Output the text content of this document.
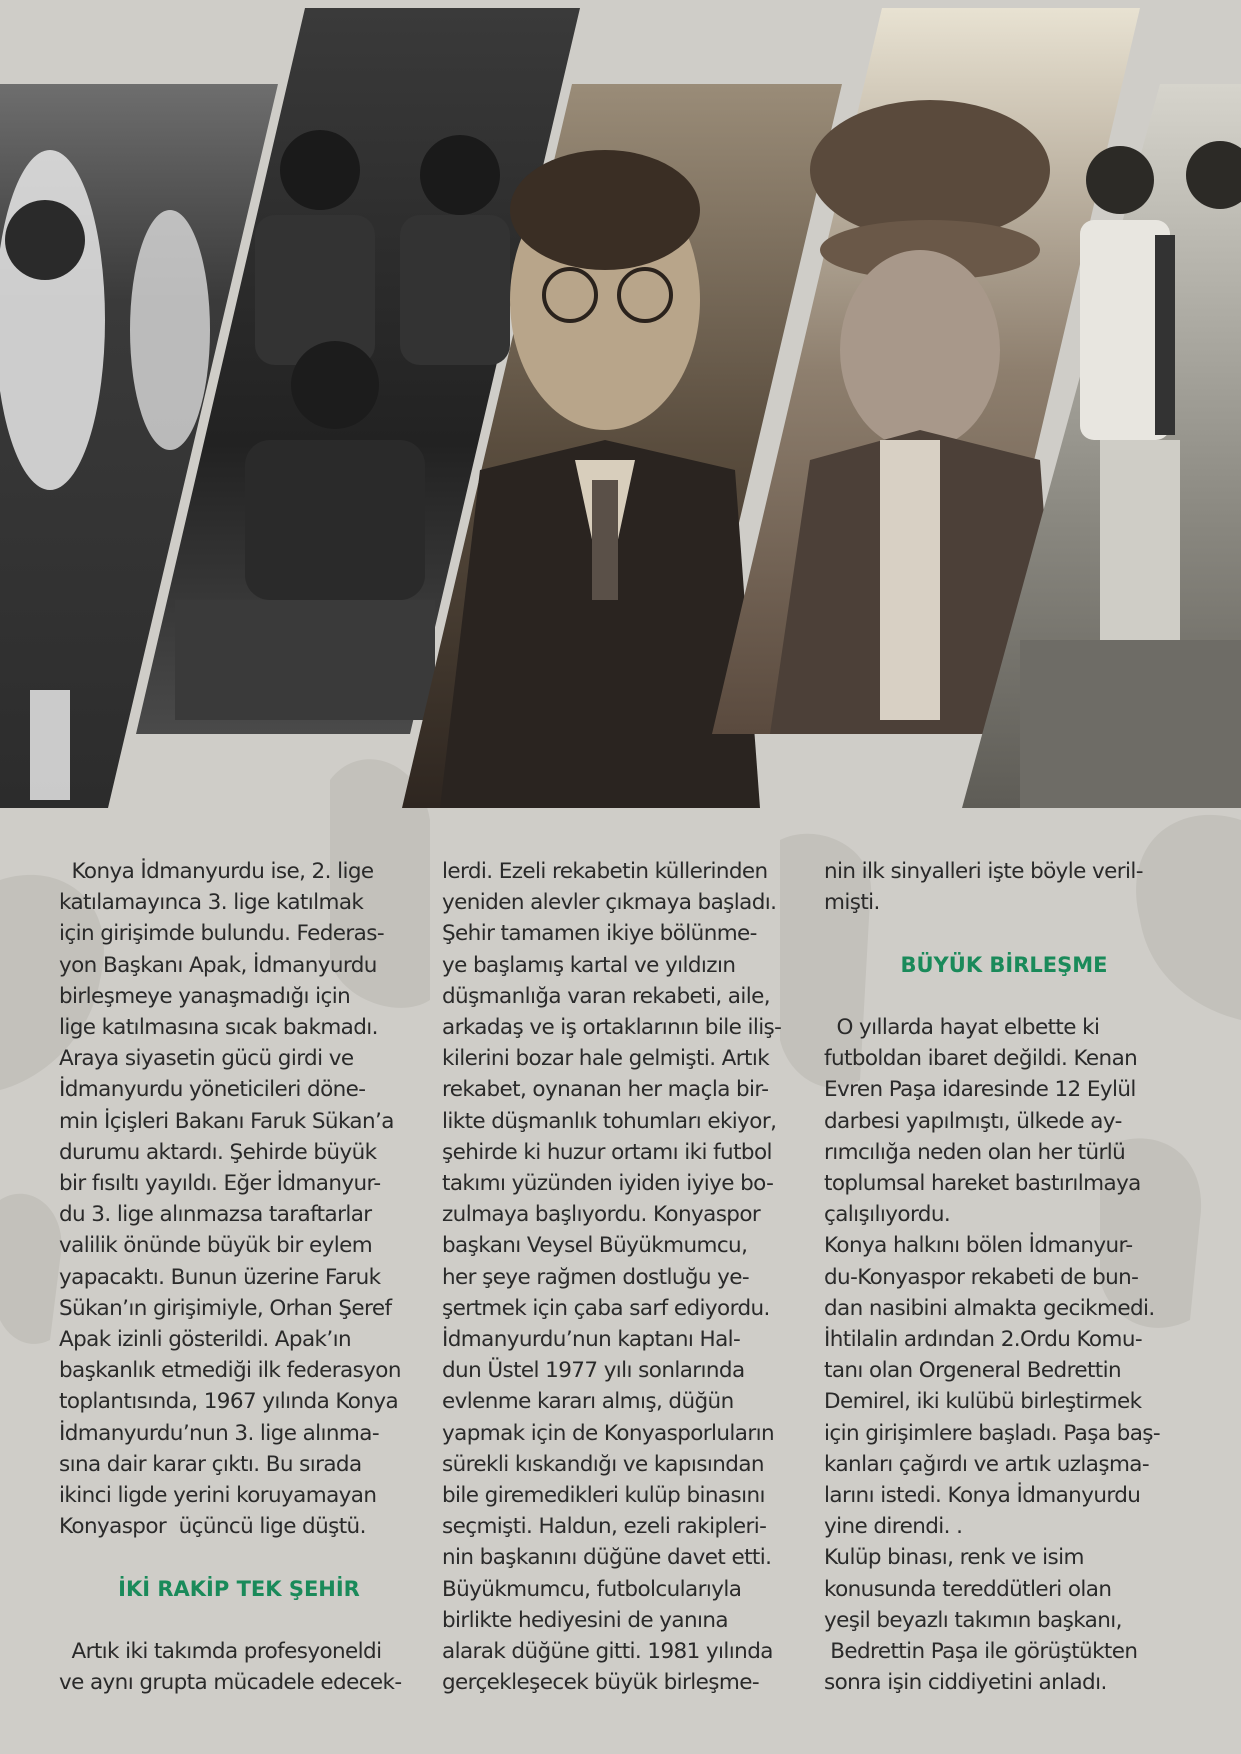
Konya İdmanyurdu ise, 2. lige

katılamayınca 3. lige katılmak

için girişimde bulundu. Federas-

yon Başkanı Apak, İdmanyurdu

birleşmeye yanaşmadığı için

lige katılmasına sıcak bakmadı.

Araya siyasetin gücü girdi ve

İdmanyurdu yöneticileri döne-

min İçişleri Bakanı Faruk Sükan’a

durumu aktardı. Şehirde büyük

bir fısıltı yayıldı. Eğer İdmanyur-

du 3. lige alınmazsa taraftarlar

valilik önünde büyük bir eylem

yapacaktı. Bunun üzerine Faruk

Sükan’ın girişimiyle, Orhan Şeref

Apak izinli gösterildi. Apak’ın

başkanlık etmediği ilk federasyon

toplantısında, 1967 yılında Konya

İdmanyurdu’nun 3. lige alınma-

sına dair karar çıktı. Bu sırada

ikinci ligde yerini koruyamayan

Konyaspor  üçüncü lige düştü.

İKİ RAKİP TEK ŞEHİR

Artık iki takımda profesyoneldi

ve aynı grupta mücadele edecek-

lerdi. Ezeli rekabetin küllerinden

yeniden alevler çıkmaya başladı.

Şehir tamamen ikiye bölünme-

ye başlamış kartal ve yıldızın

düşmanlığa varan rekabeti, aile,

arkadaş ve iş ortaklarının bile iliş-

kilerini bozar hale gelmişti. Artık

rekabet, oynanan her maçla bir-

likte düşmanlık tohumları ekiyor,

şehirde ki huzur ortamı iki futbol

takımı yüzünden iyiden iyiye bo-

zulmaya başlıyordu. Konyaspor

başkanı Veysel Büyükmumcu,

her şeye rağmen dostluğu ye-

şertmek için çaba sarf ediyordu.

İdmanyurdu’nun kaptanı Hal-

dun Üstel 1977 yılı sonlarında

evlenme kararı almış, düğün

yapmak için de Konyasporluların

sürekli kıskandığı ve kapısından

bile giremedikleri kulüp binasını

seçmişti. Haldun, ezeli rakipleri-

nin başkanını düğüne davet etti.

Büyükmumcu, futbolcularıyla

birlikte hediyesini de yanına

alarak düğüne gitti. 1981 yılında

gerçekleşecek büyük birleşme-

nin ilk sinyalleri işte böyle veril-

mişti.

BÜYÜK BİRLEŞME

O yıllarda hayat elbette ki

futboldan ibaret değildi. Kenan

Evren Paşa idaresinde 12 Eylül

darbesi yapılmıştı, ülkede ay-

rımcılığa neden olan her türlü

toplumsal hareket bastırılmaya

çalışılıyordu.

Konya halkını bölen İdmanyur-

du-Konyaspor rekabeti de bun-

dan nasibini almakta gecikmedi.

İhtilalin ardından 2.Ordu Komu-

tanı olan Orgeneral Bedrettin

Demirel, iki kulübü birleştirmek

için girişimlere başladı. Paşa baş-

kanları çağırdı ve artık uzlaşma-

larını istedi. Konya İdmanyurdu

yine direndi. .

Kulüp binası, renk ve isim

konusunda tereddütleri olan

yeşil beyazlı takımın başkanı,

Bedrettin Paşa ile görüştükten

sonra işin ciddiyetini anladı.
